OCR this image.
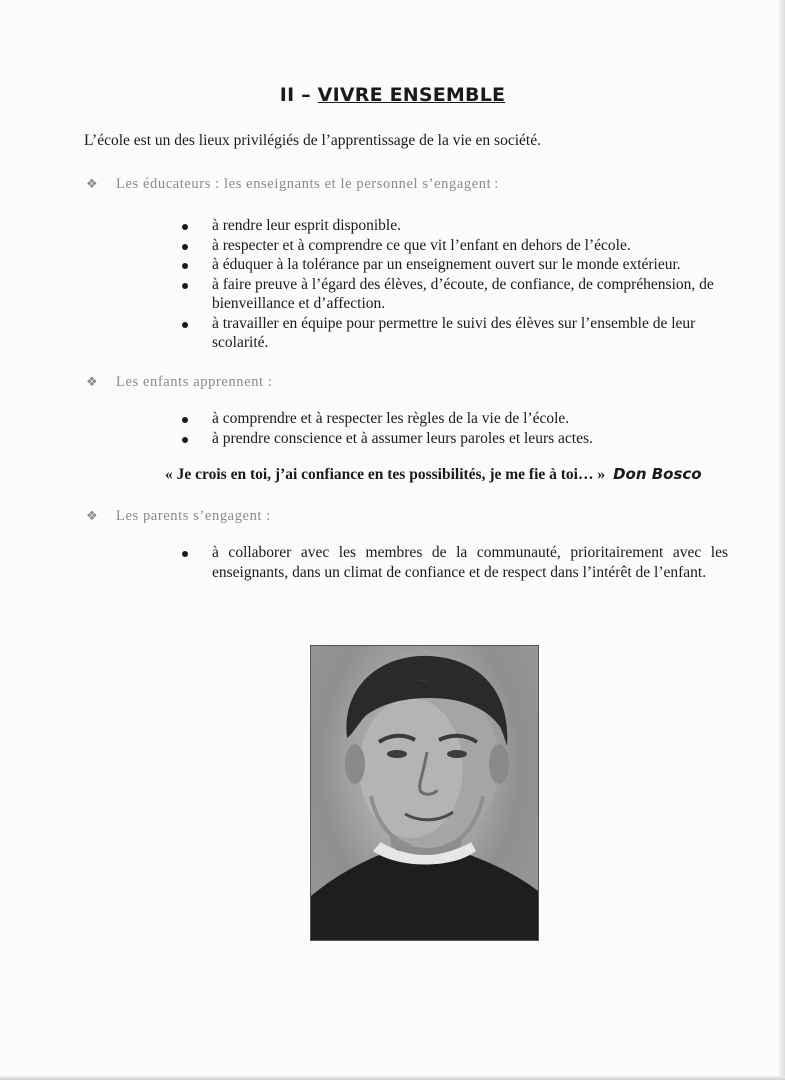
II – VIVRE ENSEMBLE
L’école est un des lieux privilégiés de l’apprentissage de la vie en société.
❖ Les éducateurs : les enseignants et le personnel s’engagent :
à rendre leur esprit disponible.
à respecter et à comprendre ce que vit l’enfant en dehors de l’école.
à éduquer à la tolérance par un enseignement ouvert sur le monde extérieur.
à faire preuve à l’égard des élèves, d’écoute, de confiance, de compréhension, de bienveillance et d’affection.
à travailler en équipe pour permettre le suivi des élèves sur l’ensemble de leur scolarité.
❖ Les enfants apprennent :
à comprendre et à respecter les règles de la vie de l’école.
à prendre conscience et à assumer leurs paroles et leurs actes.
« Je crois en toi, j’ai confiance en tes possibilités, je me fie à toi… » Don Bosco
❖ Les parents s’engagent :
à collaborer avec les membres de la communauté, prioritairement avec les enseignants, dans un climat de confiance et de respect dans l’intérêt de l’enfant.
